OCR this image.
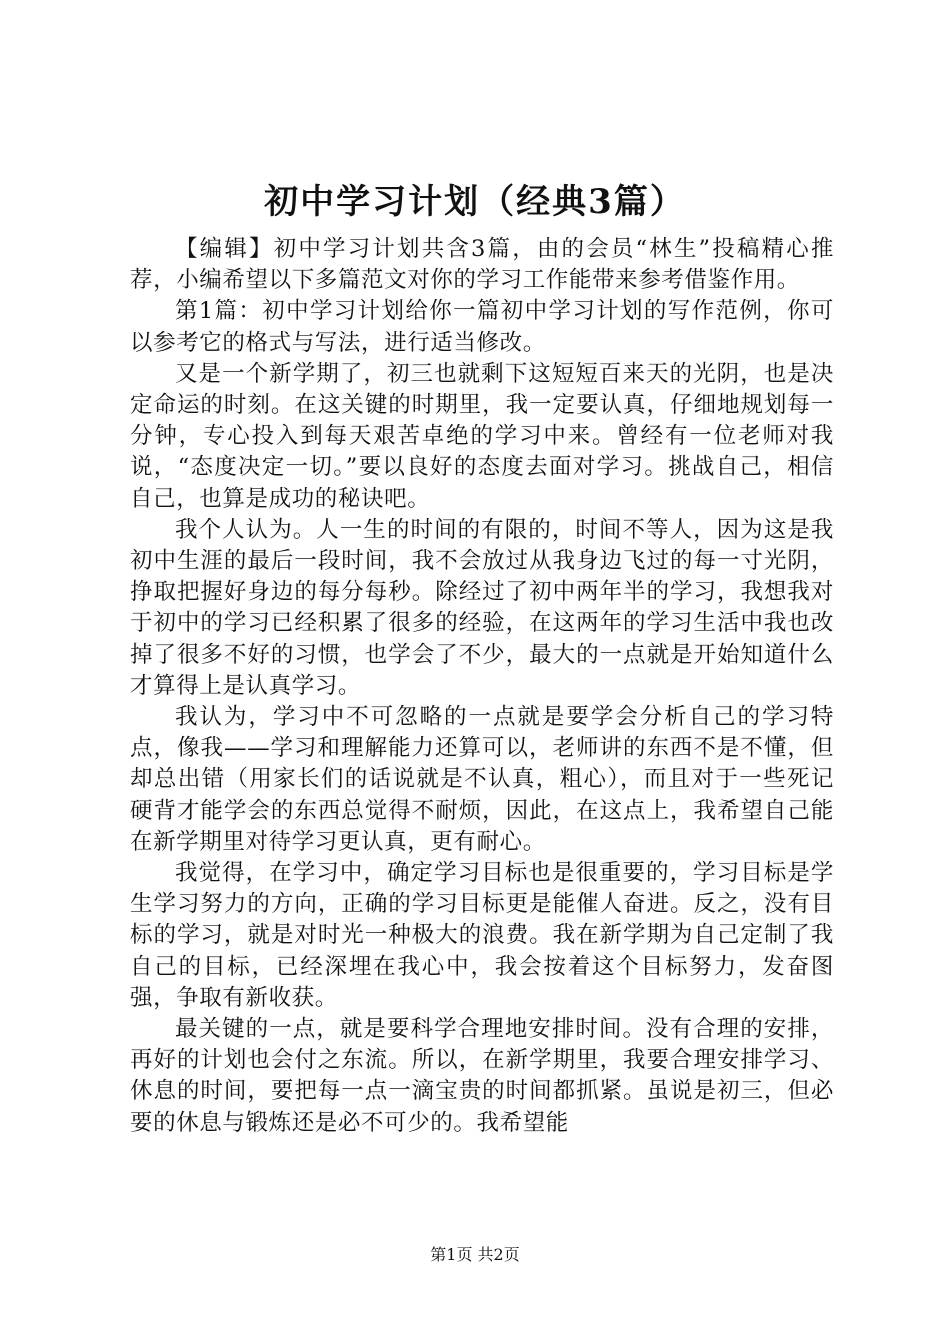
初中学习计划（经典3篇）

【编辑】初中学习计划共含3篇，由的会员“林生”投稿精心推荐，小编希望以下多篇范文对你的学习工作能带来参考借鉴作用。

第1篇：初中学习计划给你一篇初中学习计划的写作范例，你可以参考它的格式与写法，进行适当修改。

又是一个新学期了，初三也就剩下这短短百来天的光阴，也是决定命运的时刻。在这关键的时期里，我一定要认真，仔细地规划每一分钟，专心投入到每天艰苦卓绝的学习中来。曾经有一位老师对我说，“态度决定一切。”要以良好的态度去面对学习。挑战自己，相信自己，也算是成功的秘诀吧。

我个人认为。人一生的时间的有限的，时间不等人，因为这是我初中生涯的最后一段时间，我不会放过从我身边飞过的每一寸光阴，挣取把握好身边的每分每秒。除经过了初中两年半的学习，我想我对于初中的学习已经积累了很多的经验，在这两年的学习生活中我也改掉了很多不好的习惯，也学会了不少，最大的一点就是开始知道什么才算得上是认真学习。

我认为，学习中不可忽略的一点就是要学会分析自己的学习特点，像我——学习和理解能力还算可以，老师讲的东西不是不懂，但却总出错（用家长们的话说就是不认真，粗心），而且对于一些死记硬背才能学会的东西总觉得不耐烦，因此，在这点上，我希望自己能在新学期里对待学习更认真，更有耐心。

我觉得，在学习中，确定学习目标也是很重要的，学习目标是学生学习努力的方向，正确的学习目标更是能催人奋进。反之，没有目标的学习，就是对时光一种极大的浪费。我在新学期为自己定制了我自己的目标，已经深埋在我心中，我会按着这个目标努力，发奋图强，争取有新收获。

最关键的一点，就是要科学合理地安排时间。没有合理的安排，再好的计划也会付之东流。所以，在新学期里，我要合理安排学习、休息的时间，要把每一点一滴宝贵的时间都抓紧。虽说是初三，但必要的休息与锻炼还是必不可少的。我希望能

第1页 共2页
